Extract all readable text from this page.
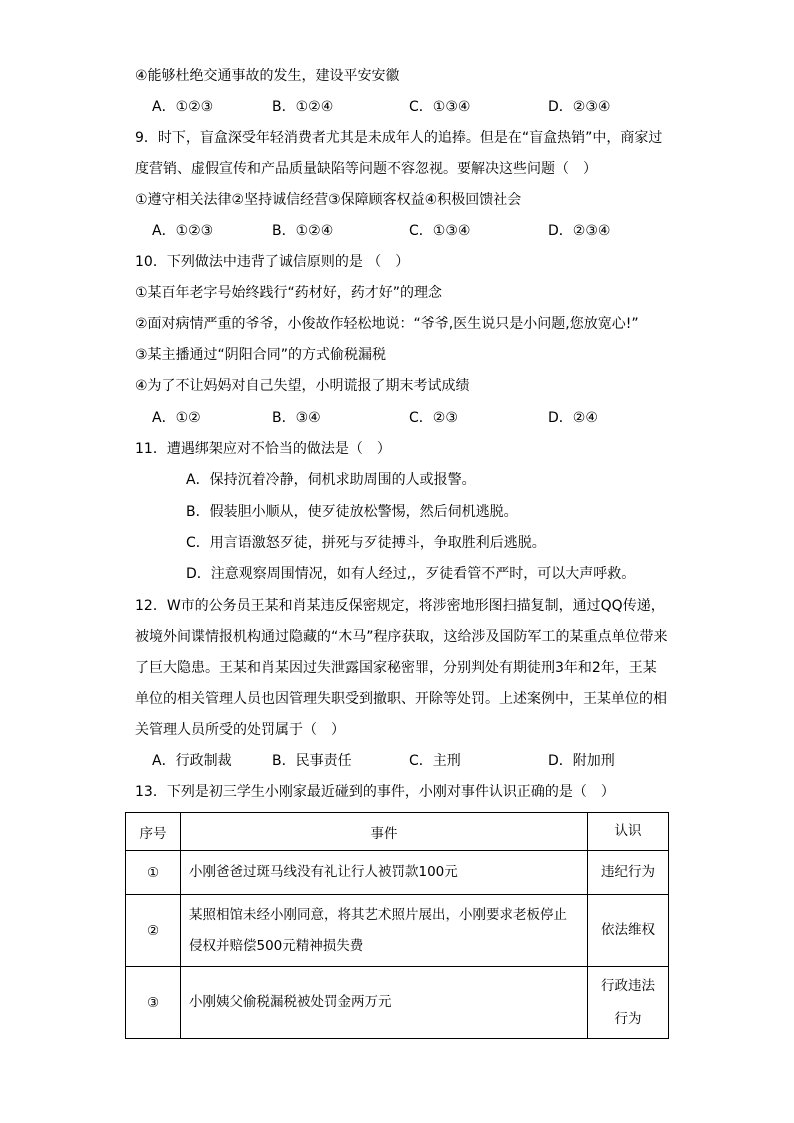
④能够杜绝交通事故的发生，建设平安安徽
A．①②③	B．①②④	C．①③④	D．②③④
9．时下，盲盒深受年轻消费者尤其是未成年人的追捧。但是在“盲盒热销”中，商家过
度营销、虚假宣传和产品质量缺陷等问题不容忽视。要解决这些问题（　）
①遵守相关法律②坚持诚信经营③保障顾客权益④积极回馈社会
A．①②③	B．①②④	C．①③④	D．②③④
10．下列做法中违背了诚信原则的是 （　）
①某百年老字号始终践行“药材好，药才好”的理念
②面对病情严重的爷爷，小俊故作轻松地说：“爷爷,医生说只是小问题,您放宽心!”
③某主播通过“阴阳合同”的方式偷税漏税
④为了不让妈妈对自己失望，小明谎报了期末考试成绩
A．①②	B．③④	C．②③	D．②④
11．遭遇绑架应对不恰当的做法是（　）
A．保持沉着冷静，伺机求助周围的人或报警。
B．假装胆小顺从，使歹徒放松警惕，然后伺机逃脱。
C．用言语激怒歹徒，拼死与歹徒搏斗，争取胜利后逃脱。
D．注意观察周围情况，如有人经过,，歹徒看管不严时，可以大声呼救。
12．W市的公务员王某和肖某违反保密规定，将涉密地形图扫描复制，通过QQ传递，
被境外间谍情报机构通过隐藏的“木马”程序获取，这给涉及国防军工的某重点单位带来
了巨大隐患。王某和肖某因过失泄露国家秘密罪，分别判处有期徒刑3年和2年，王某
单位的相关管理人员也因管理失职受到撤职、开除等处罚。上述案例中，王某单位的相
关管理人员所受的处罚属于（　）
A．行政制裁	B．民事责任	C．主刑	D．附加刑
13．下列是初三学生小刚家最近碰到的事件，小刚对事件认识正确的是（　）
序号	事件	认识
①	小刚爸爸过斑马线没有礼让行人被罚款100元	违纪行为
②	某照相馆未经小刚同意，将其艺术照片展出，小刚要求老板停止侵权并赔偿500元精神损失费	依法维权
③	小刚姨父偷税漏税被处罚金两万元	行政违法行为
